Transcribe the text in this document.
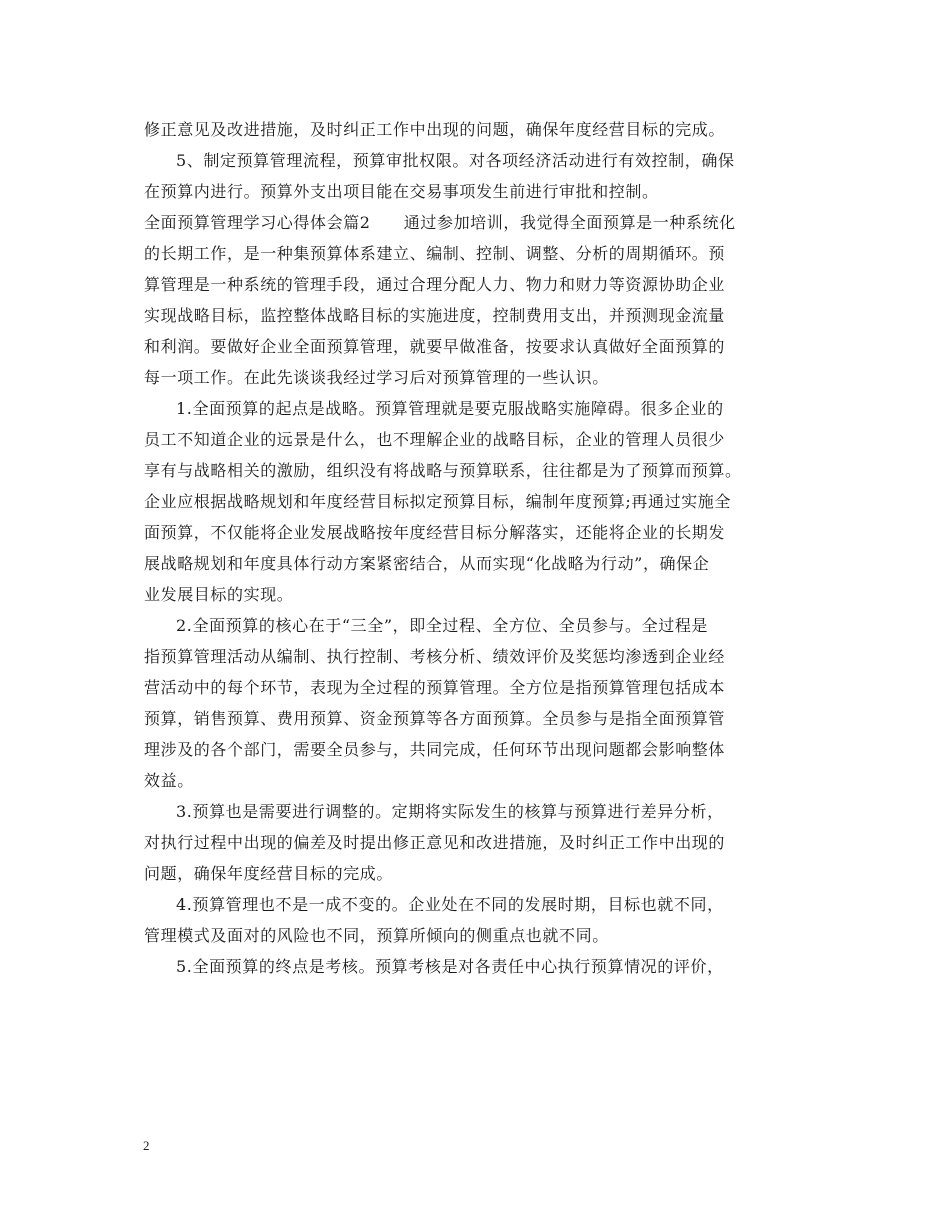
修正意见及改进措施，及时纠正工作中出现的问题，确保年度经营目标的完成。
5、制定预算管理流程，预算审批权限。对各项经济活动进行有效控制，确保
在预算内进行。预算外支出项目能在交易事项发生前进行审批和控制。
全面预算管理学习心得体会篇2　　通过参加培训，我觉得全面预算是一种系统化
的长期工作，是一种集预算体系建立、编制、控制、调整、分析的周期循环。预
算管理是一种系统的管理手段，通过合理分配人力、物力和财力等资源协助企业
实现战略目标，监控整体战略目标的实施进度，控制费用支出，并预测现金流量
和利润。要做好企业全面预算管理，就要早做准备，按要求认真做好全面预算的
每一项工作。在此先谈谈我经过学习后对预算管理的一些认识。
1.全面预算的起点是战略。预算管理就是要克服战略实施障碍。很多企业的
员工不知道企业的远景是什么，也不理解企业的战略目标，企业的管理人员很少
享有与战略相关的激励，组织没有将战略与预算联系，往往都是为了预算而预算。
企业应根据战略规划和年度经营目标拟定预算目标，编制年度预算;再通过实施全
面预算，不仅能将企业发展战略按年度经营目标分解落实，还能将企业的长期发
展战略规划和年度具体行动方案紧密结合，从而实现“化战略为行动”，确保企
业发展目标的实现。
2.全面预算的核心在于“三全”，即全过程、全方位、全员参与。全过程是
指预算管理活动从编制、执行控制、考核分析、绩效评价及奖惩均渗透到企业经
营活动中的每个环节，表现为全过程的预算管理。全方位是指预算管理包括成本
预算，销售预算、费用预算、资金预算等各方面预算。全员参与是指全面预算管
理涉及的各个部门，需要全员参与，共同完成，任何环节出现问题都会影响整体
效益。
3.预算也是需要进行调整的。定期将实际发生的核算与预算进行差异分析，
对执行过程中出现的偏差及时提出修正意见和改进措施，及时纠正工作中出现的
问题，确保年度经营目标的完成。
4.预算管理也不是一成不变的。企业处在不同的发展时期，目标也就不同，
管理模式及面对的风险也不同，预算所倾向的侧重点也就不同。
5.全面预算的终点是考核。预算考核是对各责任中心执行预算情况的评价，
2
